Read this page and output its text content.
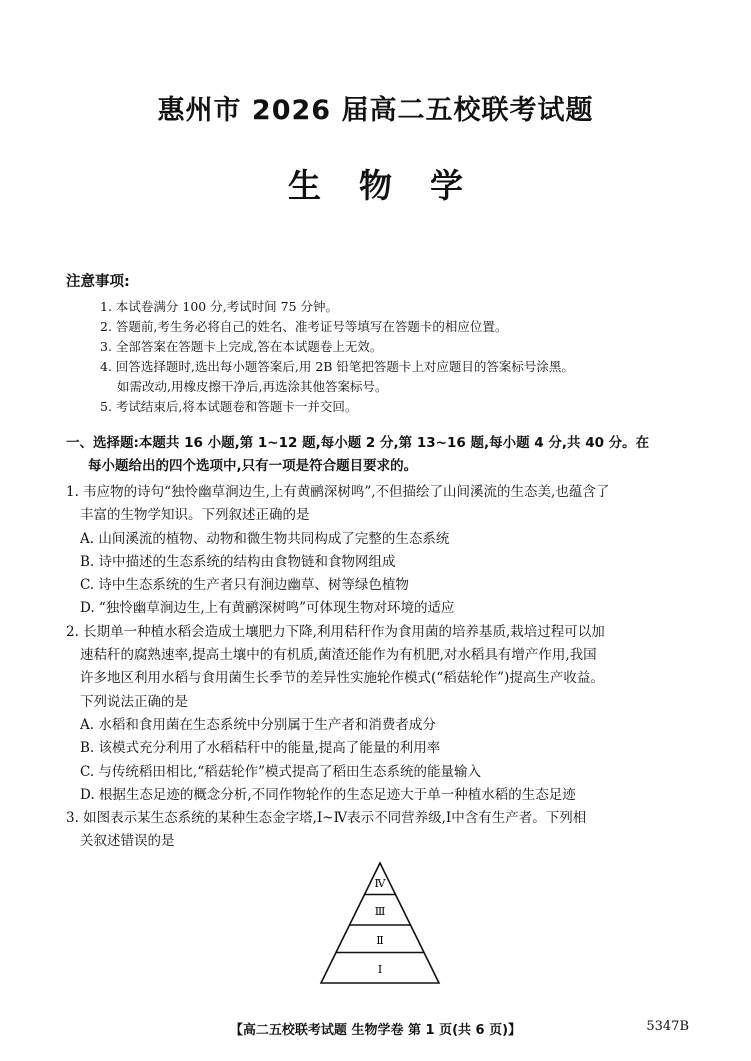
惠州市 2026 届高二五校联考试题
生物学
注意事项:
1. 本试卷满分 100 分,考试时间 75 分钟。
2. 答题前,考生务必将自己的姓名、准考证号等填写在答题卡的相应位置。
3. 全部答案在答题卡上完成,答在本试题卷上无效。
4. 回答选择题时,选出每小题答案后,用 2B 铅笔把答题卡上对应题目的答案标号涂黑。
如需改动,用橡皮擦干净后,再选涂其他答案标号。
5. 考试结束后,将本试题卷和答题卡一并交回。
一、选择题:本题共 16 小题,第 1~12 题,每小题 2 分,第 13~16 题,每小题 4 分,共 40 分。在
每小题给出的四个选项中,只有一项是符合题目要求的。
1. 韦应物的诗句“独怜幽草涧边生,上有黄鹂深树鸣”,不但描绘了山间溪流的生态美,也蕴含了
丰富的生物学知识。下列叙述正确的是
A. 山间溪流的植物、动物和微生物共同构成了完整的生态系统
B. 诗中描述的生态系统的结构由食物链和食物网组成
C. 诗中生态系统的生产者只有涧边幽草、树等绿色植物
D. “独怜幽草涧边生,上有黄鹂深树鸣”可体现生物对环境的适应
2. 长期单一种植水稻会造成土壤肥力下降,利用秸秆作为食用菌的培养基质,栽培过程可以加
速秸秆的腐熟速率,提高土壤中的有机质,菌渣还能作为有机肥,对水稻具有增产作用,我国
许多地区利用水稻与食用菌生长季节的差异性实施轮作模式(“稻菇轮作”)提高生产收益。
下列说法正确的是
A. 水稻和食用菌在生态系统中分别属于生产者和消费者成分
B. 该模式充分利用了水稻秸秆中的能量,提高了能量的利用率
C. 与传统稻田相比,“稻菇轮作”模式提高了稻田生态系统的能量输入
D. 根据生态足迹的概念分析,不同作物轮作的生态足迹大于单一种植水稻的生态足迹
3. 如图表示某生态系统的某种生态金字塔,Ⅰ~Ⅳ表示不同营养级,Ⅰ中含有生产者。下列相
关叙述错误的是
Ⅳ
Ⅲ
Ⅱ
Ⅰ
【高二五校联考试题 生物学卷 第 1 页(共 6 页)】	5347B
